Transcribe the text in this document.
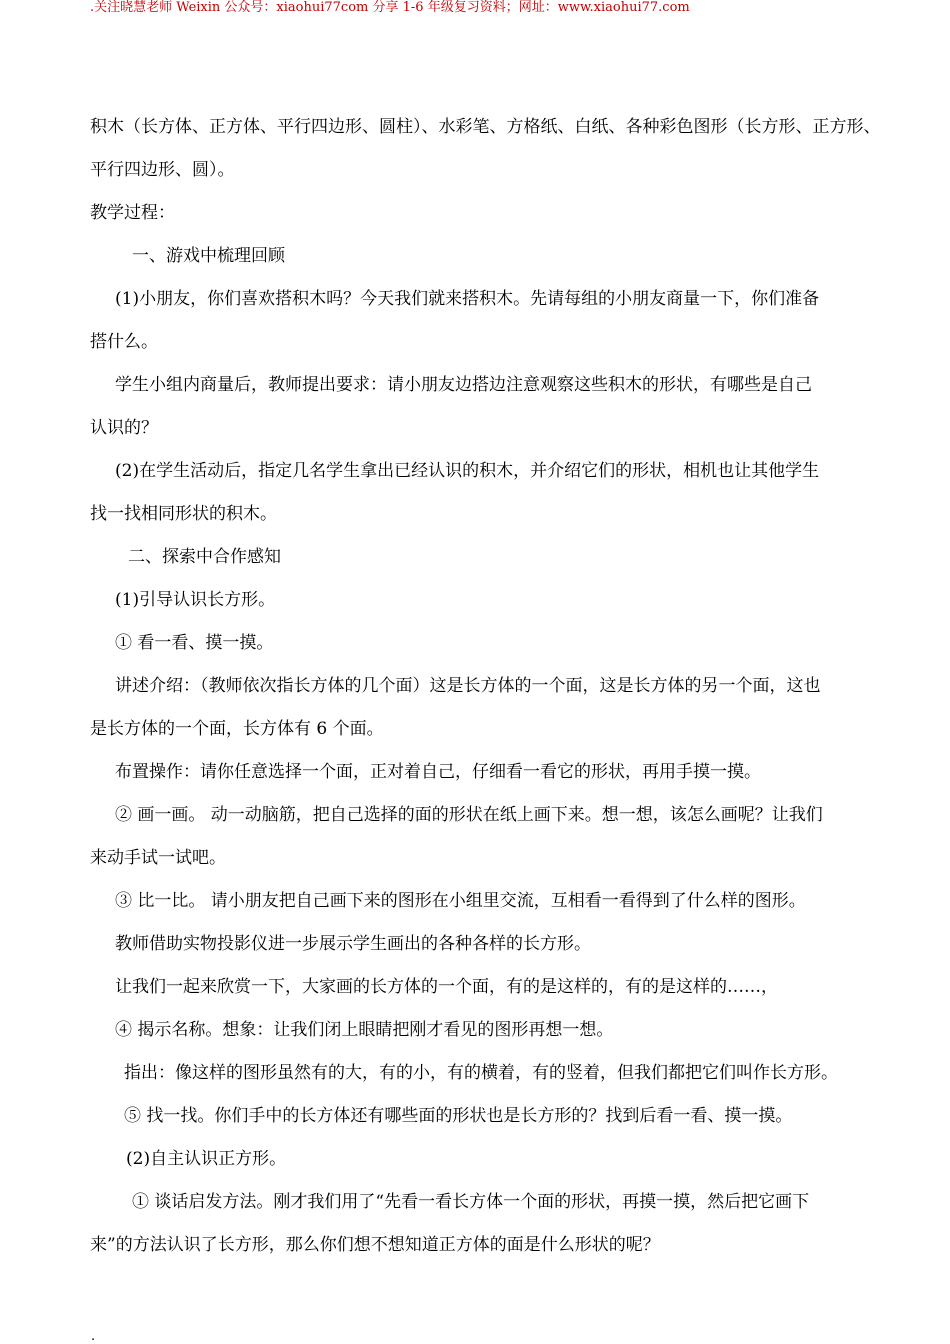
.关注晓慧老师 Weixin 公众号：xiaohui77com 分享 1-6 年级复习资料；网址：www.xiaohui77.com

积木（长方体、正方体、平行四边形、圆柱）、水彩笔、方格纸、白纸、各种彩色图形（长方形、正方形、

平行四边形、圆）。

教学过程：

一、游戏中梳理回顾

(1)小朋友，你们喜欢搭积木吗？今天我们就来搭积木。先请每组的小朋友商量一下，你们准备

搭什么。

学生小组内商量后，教师提出要求：请小朋友边搭边注意观察这些积木的形状，有哪些是自己

认识的？

(2)在学生活动后，指定几名学生拿出已经认识的积木，并介绍它们的形状，相机也让其他学生

找一找相同形状的积木。

二、探索中合作感知

(1)引导认识长方形。

① 看一看、摸一摸。

讲述介绍：（教师依次指长方体的几个面）这是长方体的一个面，这是长方体的另一个面，这也

是长方体的一个面，长方体有 6 个面。

布置操作：请你任意选择一个面，正对着自己，仔细看一看它的形状，再用手摸一摸。

② 画一画。 动一动脑筋，把自己选择的面的形状在纸上画下来。想一想，该怎么画呢？让我们

来动手试一试吧。

③ 比一比。 请小朋友把自己画下来的图形在小组里交流，互相看一看得到了什么样的图形。

教师借助实物投影仪进一步展示学生画出的各种各样的长方形。

让我们一起来欣赏一下，大家画的长方体的一个面，有的是这样的，有的是这样的……，

④ 揭示名称。想象：让我们闭上眼睛把刚才看见的图形再想一想。

指出：像这样的图形虽然有的大，有的小，有的横着，有的竖着，但我们都把它们叫作长方形。

⑤ 找一找。你们手中的长方体还有哪些面的形状也是长方形的？找到后看一看、摸一摸。

(2)自主认识正方形。

① 谈话启发方法。刚才我们用了“先看一看长方体一个面的形状，再摸一摸，然后把它画下

来”的方法认识了长方形，那么你们想不想知道正方体的面是什么形状的呢？

.
